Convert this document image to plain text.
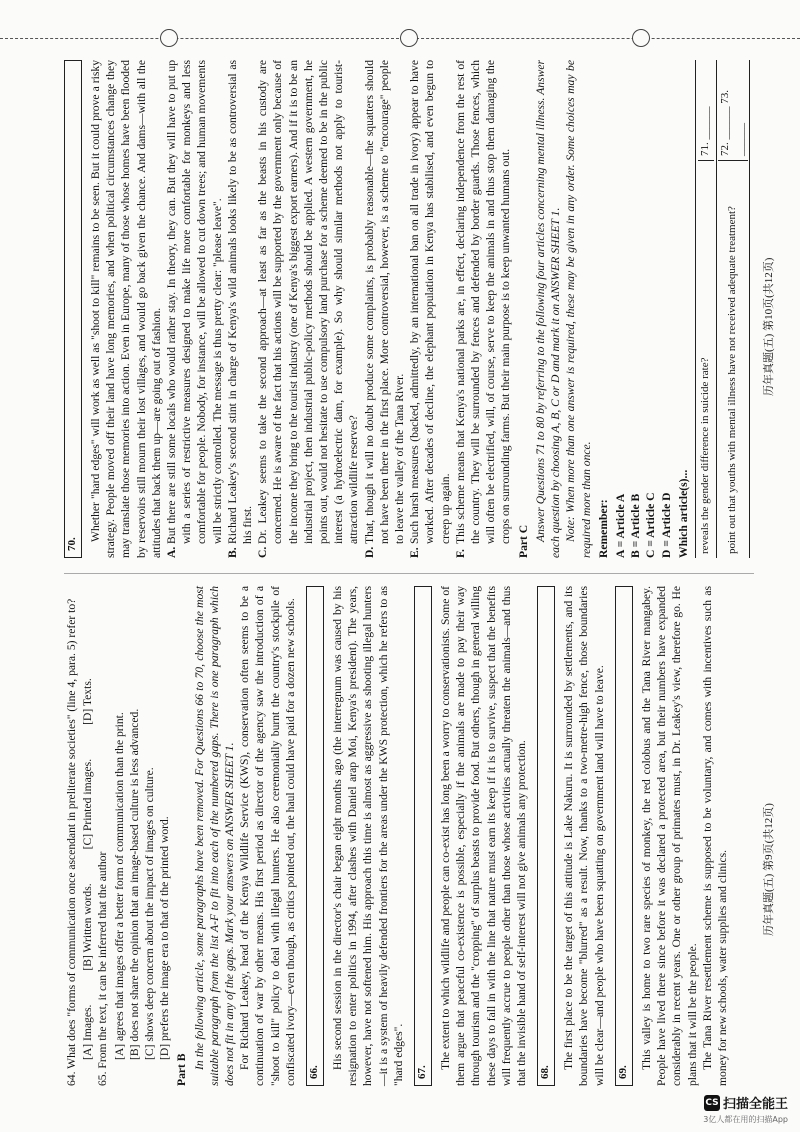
64. What does "forms of communication once ascendant in preliterate societies" (line 4, para. 5) refer to? [A] Images.
[B] Written words.
[C] Printed images.
[D] Texts.
65. From the text, it can be inferred that the author [A] agrees that images offer a better form of communication than the print. [B] does not share the opinion that an image-based culture is less advanced. [C] shows deep concern about the impact of images on culture. [D] prefers the image era to that of the printed word.
Part B In the following article, some paragraphs have been removed. For Questions 66 to 70, choose the most suitable paragraph from the list A-F to fit into each of the numbered gaps. There is one paragraph which does not fit in any of the gaps. Mark your answers on ANSWER SHEET 1. For Richard Leakey, head of the Kenya Wildlife Service (KWS), conservation often seems to be a continuation of war by other means. His first period as director of the agency saw the introduction of a "shoot to kill" policy to deal with illegal hunters. He also ceremonially burnt the country's stockpile of confiscated ivory—even though, as critics pointed out, the haul could have paid for a dozen new schools. 66.

His second session in the director's chair began eight months ago (the interregnum was caused by his resignation to enter politics in 1994, after clashes with Daniel arap Moi, Kenya's president). The years, however, have not softened him. His approach this time is almost as aggressive as shooting illegal hunters—it is a system of heavily defended frontiers for the areas under the KWS protection, which he refers to as "hard edges". 67.

The extent to which wildlife and people can co-exist has long been a worry to conservationists. Some of them argue that peaceful co-existence is possible, especially if the animals are made to pay their way through tourism and the "cropping" of surplus beasts to provide food. But others, though in general willing these days to fall in with the line that nature must earn its keep if it is to survive, suspect that the benefits will frequently accrue to people other than those whose activities actually threaten the animals—and thus that the invisible hand of self-interest will not give animals any protection. 68.

The first place to be the target of this attitude is Lake Nakuru. It is surrounded by settlements, and its boundaries have become "blurred" as a result. Now, thanks to a two-metre-high fence, those boundaries will be clear—and people who have been squatting on government land will have to leave. 69.

This valley is home to two rare species of monkey, the red colobus and the Tana River mangabey. People have lived there since before it was declared a protected area, but their numbers have expanded considerably in recent years. One or other group of primates must, in Dr. Leakey's view, therefore go. He plans that it will be the people. The Tana River resettlement scheme is supposed to be voluntary, and comes with incentives such as money for new schools, water supplies and clinics.

70.

Whether "hard edges" will work as well as "shoot to kill" remains to be seen. But it could prove a risky strategy. People moved off their land have long memories, and when political circumstances change they may translate those memories into action. Even in Europe, many of those whose homes have been flooded by reservoirs still mourn their lost villages, and would go back given the chance. And dams—with all the attitudes that back them up—are going out of fashion. A.
But there are still some locals who would rather stay. In theory, they can. But they will have to put up with a series of restrictive measures designed to make life more comfortable for monkeys and less comfortable for people. Nobody, for instance, will be allowed to cut down trees; and human movements will be strictly controlled. The message is thus pretty clear: "please leave".
B.
Richard Leakey's second stint in charge of Kenya's wild animals looks likely to be as controversial as his first.
C.
Dr. Leakey seems to take the second approach—at least as far as the beasts in his custody are concerned. He is aware of the fact that his actions will be supported by the government only because of the income they bring to the tourist industry (one of Kenya's biggest export earners). And if it is to be an industrial project, then industrial public-policy methods should be applied. A western government, he points out, would not hesitate to use compulsory land purchase for a scheme deemed to be in the public interest (a hydroelectric dam, for example). So why should similar methods not apply to tourist-attraction wildlife reserves?
D.
That, though it will no doubt produce some complaints, is probably reasonable—the squatters should not have been there in the first place. More controversial, however, is a scheme to "encourage" people to leave the valley of the Tana River.
E.
Such harsh measures (backed, admittedly, by an international ban on all trade in ivory) appear to have worked. After decades of decline, the elephant population in Kenya has stabilised, and even begun to creep up again.
F.
This scheme means that Kenya's national parks are, in effect, declaring independence from the rest of the country. They will be surrounded by fences and defended by border guards. Those fences, which will often be electrified, will, of course, serve to keep the animals in and thus stop them damaging the crops on surrounding farms. But their main purpose is to keep unwanted humans out. Part C Answer Questions 71 to 80 by referring to the following four articles concerning mental illness. Answer each question by choosing A, B, C or D and mark it on ANSWER SHEET 1. Note: When more than one answer is required, these may be given in any order. Some choices may be required more than once. Remember: A = Article A B = Article B C = Article C D = Article D Which article(s)... reveals the gender difference in suicide rate?
71. ______
point out that youths with mental illness have not received adequate treatment?
72. ______ 73. ______
历年真题(五) 第9页(共12页)
历年真题(五) 第10页(共12页)
CS 扫描全能王
3亿人都在用的扫描App
